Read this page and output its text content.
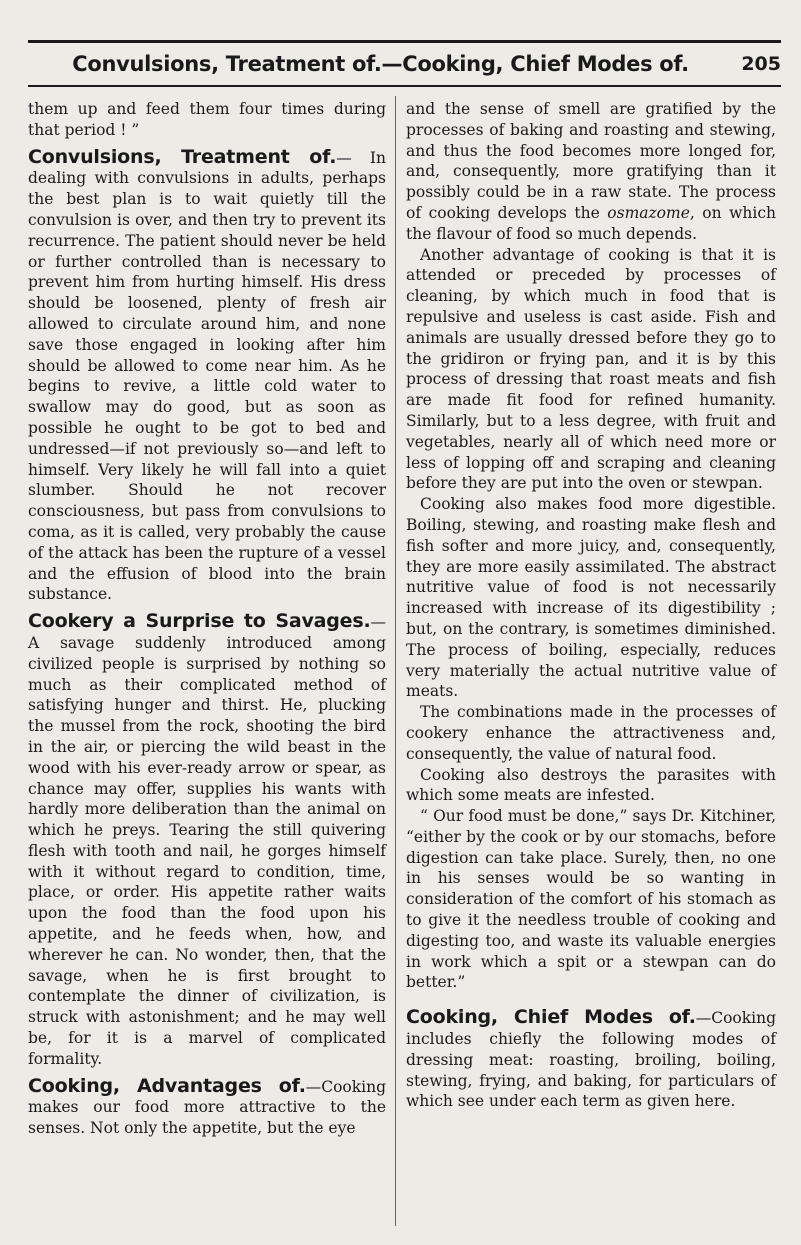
Convulsions, Treatment of.—Cooking, Chief Modes of.	205

them up and feed them four times during that period ! ”

Convulsions, Treatment of.— In dealing with convulsions in adults, perhaps the best plan is to wait quietly till the convulsion is over, and then try to prevent its recurrence. The patient should never be held or further controlled than is necessary to prevent him from hurting himself. His dress should be loosened, plenty of fresh air allowed to circulate around him, and none save those engaged in looking after him should be allowed to come near him. As he begins to revive, a little cold water to swallow may do good, but as soon as possible he ought to be got to bed and undressed—if not previously so—and left to himself. Very likely he will fall into a quiet slumber. Should he not recover consciousness, but pass from convulsions to coma, as it is called, very probably the cause of the attack has been the rupture of a vessel and the effusion of blood into the brain substance.

Cookery a Surprise to Savages.— A savage suddenly introduced among civilized people is surprised by nothing so much as their complicated method of satisfying hunger and thirst. He, plucking the mussel from the rock, shooting the bird in the air, or piercing the wild beast in the wood with his ever-ready arrow or spear, as chance may offer, supplies his wants with hardly more deliberation than the animal on which he preys. Tearing the still quivering flesh with tooth and nail, he gorges himself with it without regard to condition, time, place, or order. His appetite rather waits upon the food than the food upon his appetite, and he feeds when, how, and wherever he can. No wonder, then, that the savage, when he is first brought to contemplate the dinner of civilization, is struck with astonishment; and he may well be, for it is a marvel of complicated formality.

Cooking, Advantages of.—Cooking makes our food more attractive to the senses. Not only the appetite, but the eye

and the sense of smell are gratified by the processes of baking and roasting and stewing, and thus the food becomes more longed for, and, consequently, more gratifying than it possibly could be in a raw state. The process of cooking develops the osmazome, on which the flavour of food so much depends.

Another advantage of cooking is that it is attended or preceded by processes of cleaning, by which much in food that is repulsive and useless is cast aside. Fish and animals are usually dressed before they go to the gridiron or frying pan, and it is by this process of dressing that roast meats and fish are made fit food for refined humanity. Similarly, but to a less degree, with fruit and vegetables, nearly all of which need more or less of lopping off and scraping and cleaning before they are put into the oven or stewpan.

Cooking also makes food more digestible. Boiling, stewing, and roasting make flesh and fish softer and more juicy, and, consequently, they are more easily assimilated. The abstract nutritive value of food is not necessarily increased with increase of its digestibility ; but, on the contrary, is sometimes diminished. The process of boiling, especially, reduces very materially the actual nutritive value of meats.

The combinations made in the processes of cookery enhance the attractiveness and, consequently, the value of natural food.

Cooking also destroys the parasites with which some meats are infested.

“ Our food must be done,” says Dr. Kitchiner, “either by the cook or by our stomachs, before digestion can take place. Surely, then, no one in his senses would be so wanting in consideration of the comfort of his stomach as to give it the needless trouble of cooking and digesting too, and waste its valuable energies in work which a spit or a stewpan can do better.”

Cooking, Chief Modes of.—Cooking includes chiefly the following modes of dressing meat: roasting, broiling, boiling, stewing, frying, and baking, for particulars of which see under each term as given here.
